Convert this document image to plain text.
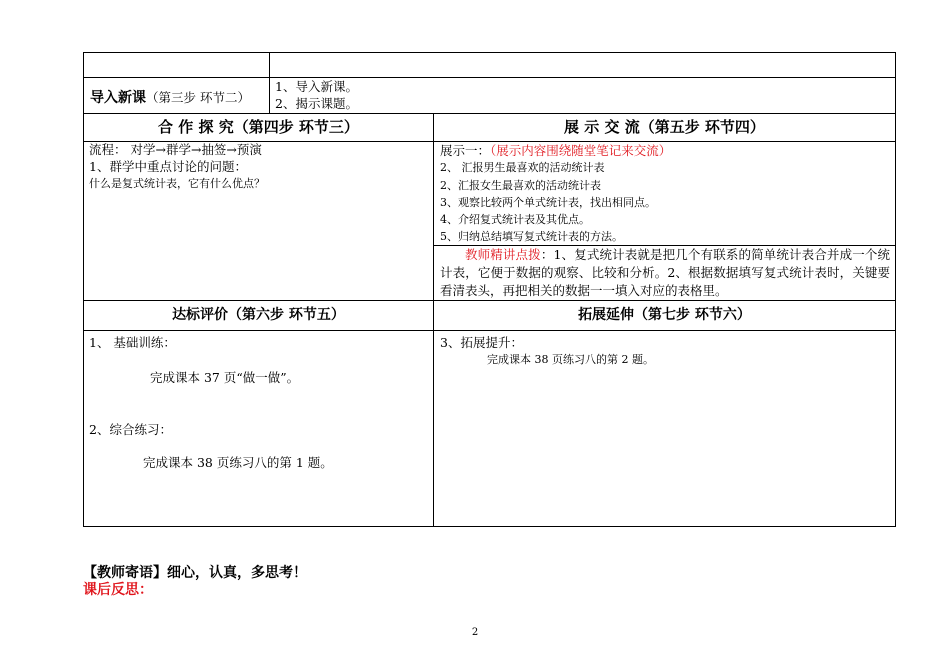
导入新课（第三步 环节二）
1、导入新课。
2、揭示课题。
合 作 探 究（第四步 环节三）	展 示 交 流（第五步 环节四）
流程： 对学→群学→抽签→预演
1、群学中重点讨论的问题：
什么是复式统计表，它有什么优点？
展示一：（展示内容围绕随堂笔记来交流）
2、 汇报男生最喜欢的活动统计表
2、汇报女生最喜欢的活动统计表
3、观察比较两个单式统计表，找出相同点。
4、介绍复式统计表及其优点。
5、归纳总结填写复式统计表的方法。
教师精讲点拨：1、复式统计表就是把几个有联系的简单统计表合并成一个统计表，它便于数据的观察、比较和分析。2、根据数据填写复式统计表时，关键要看清表头，再把相关的数据一一填入对应的表格里。
达标评价（第六步 环节五）	拓展延伸（第七步 环节六）
1、 基础训练：
完成课本 37 页“做一做”。
2、综合练习：
完成课本 38 页练习八的第 1 题。
3、拓展提升：
完成课本 38 页练习八的第 2 题。
【教师寄语】细心，认真，多思考！
课后反思：
2
